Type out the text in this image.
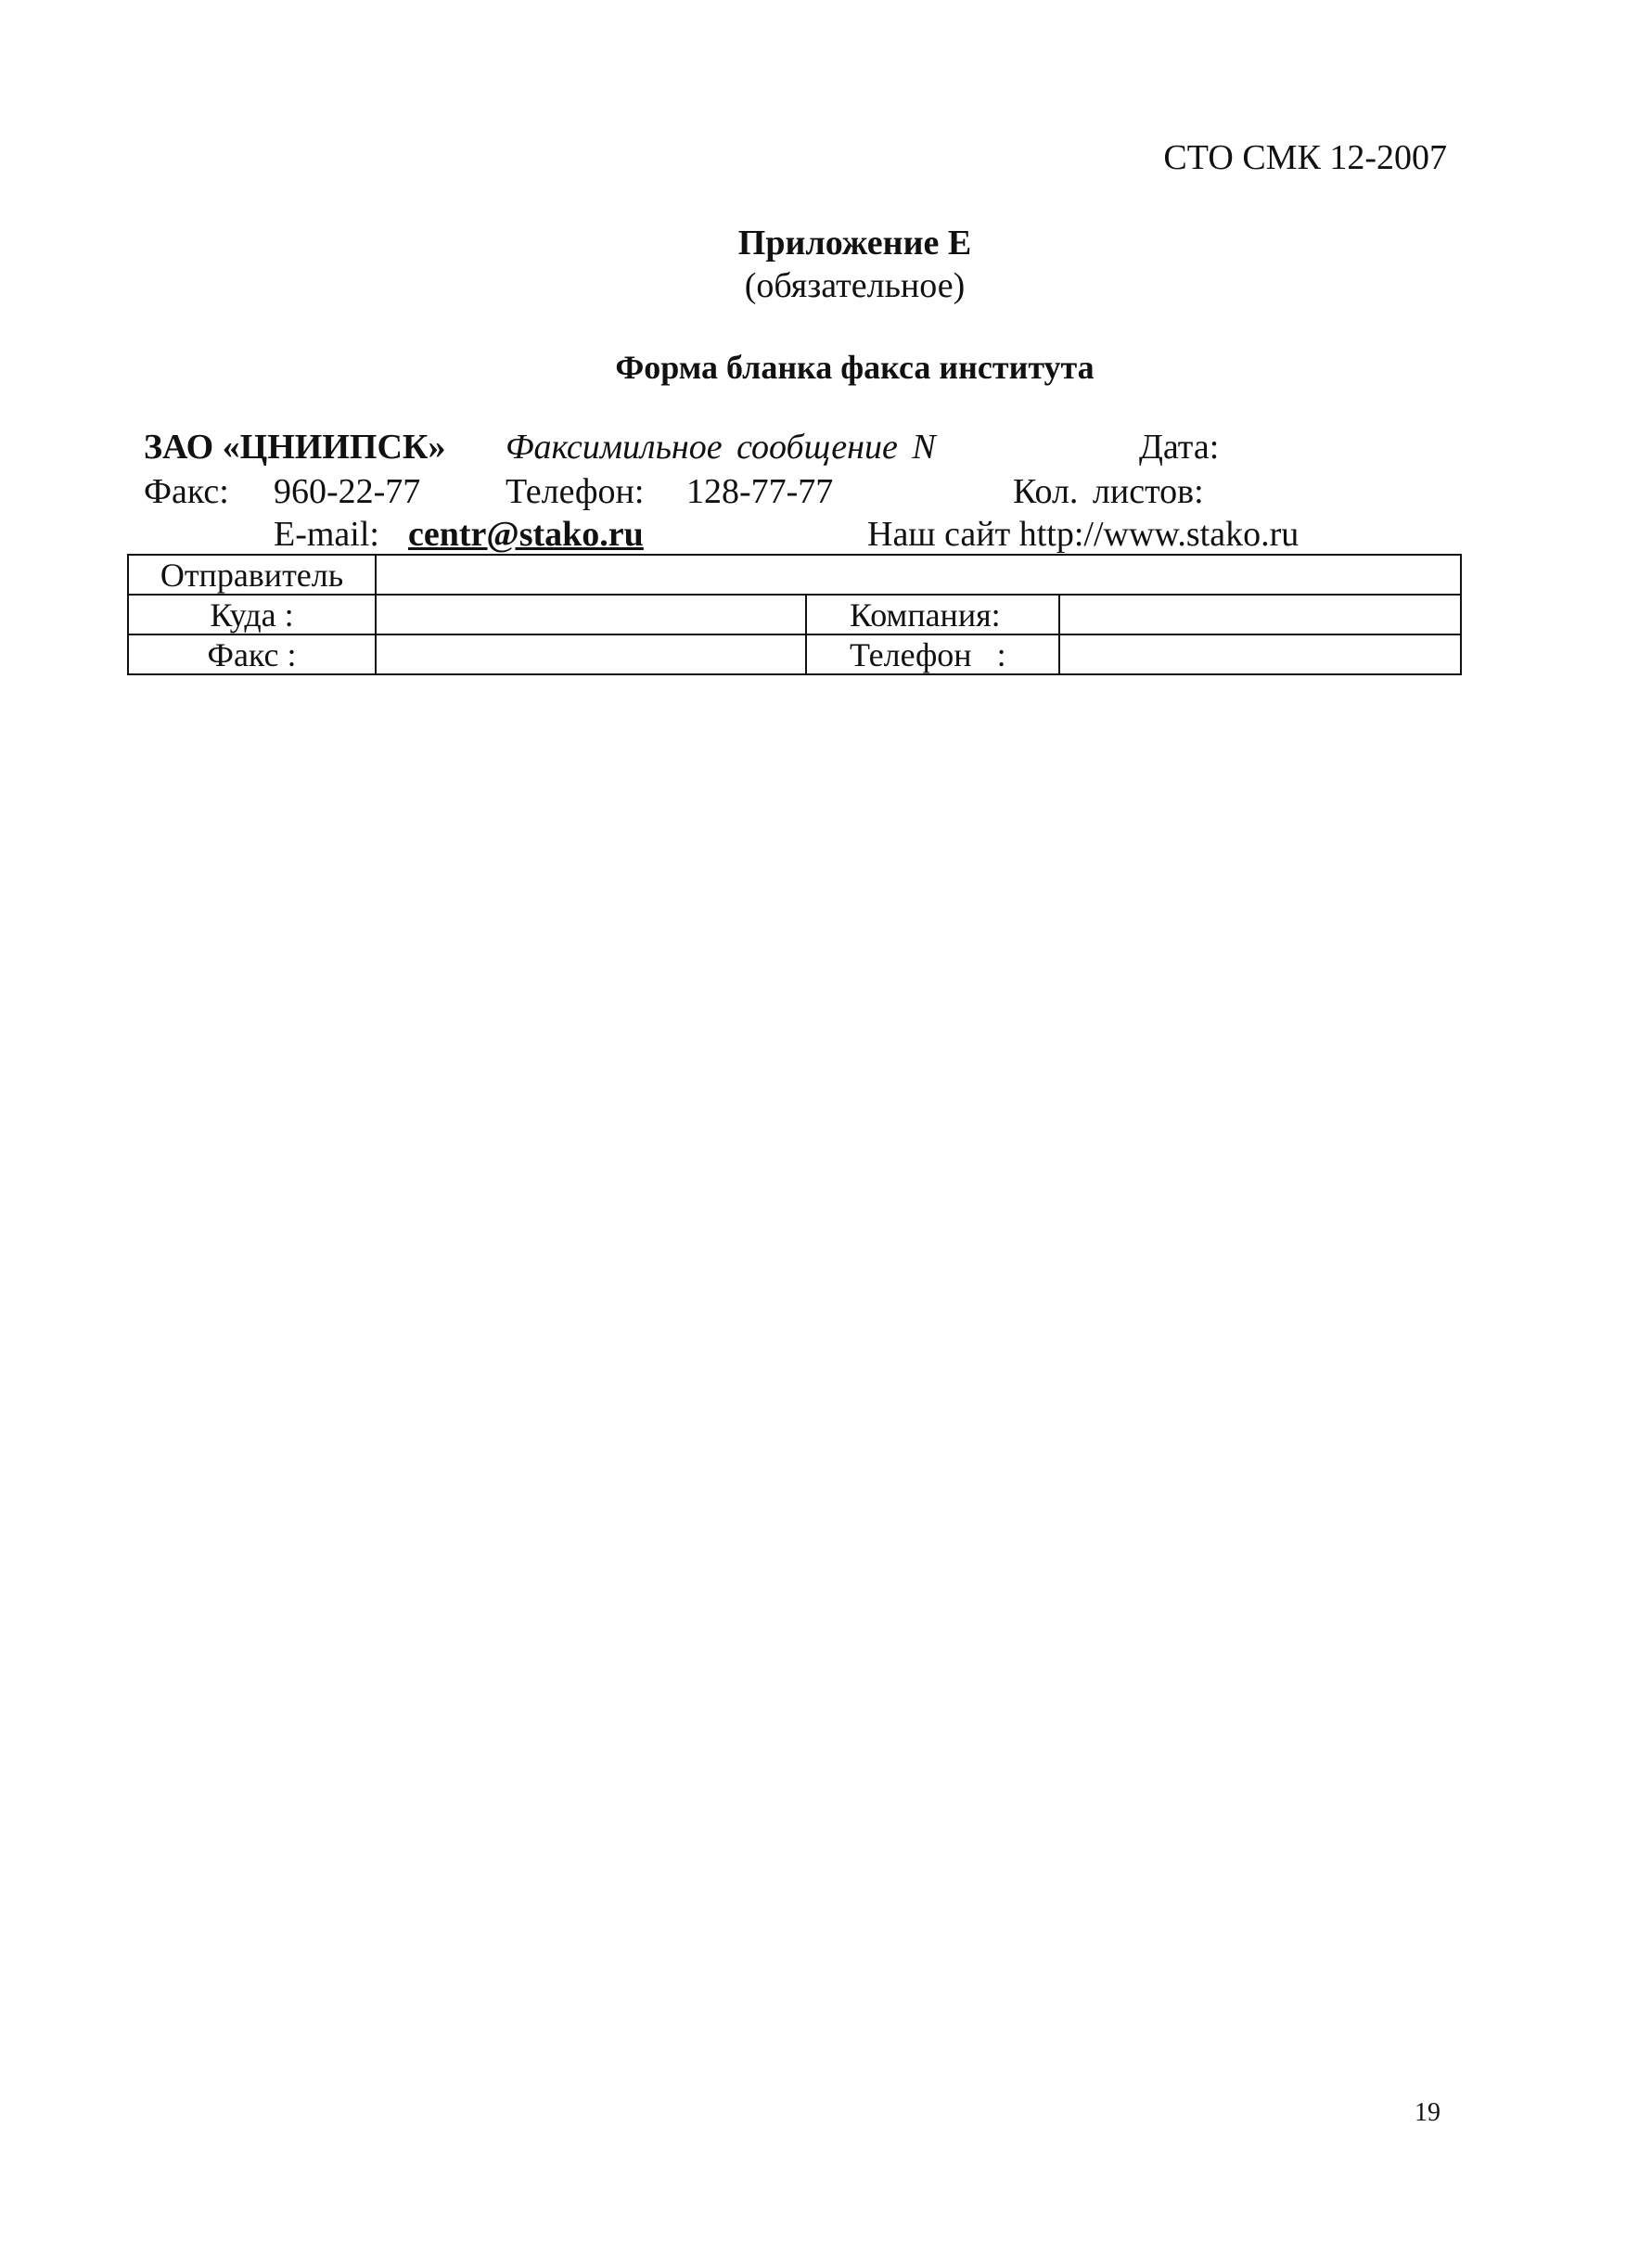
СТО СМК 12-2007
Приложение Е
(обязательное)
Форма бланка факса института
ЗАО «ЦНИИПСК» Факсимильное сообщение N	Дата:
Факс: 960-22-77 Телефон: 128-77-77	Кол. листов:
E-mail: centr@stako.ru	Наш сайт http://www.stako.ru
Отправитель			
Куда :		Компания:	
Факс :		Телефон   :	
19
